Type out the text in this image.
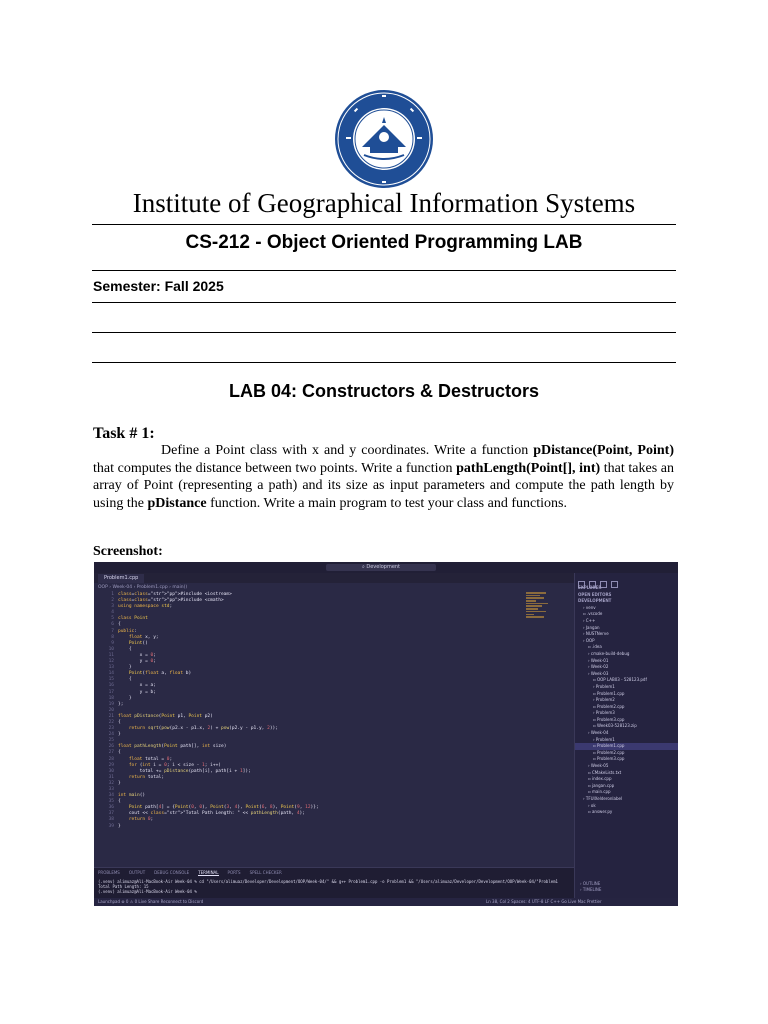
Institute of Geographical Information Systems
CS-212 - Object Oriented Programming LAB
Semester: Fall 2025
LAB 04: Constructors & Destructors
Task # 1:
Define a Point class with x and y coordinates. Write a function pDistance(Point, Point) that computes the distance between two points. Write a function pathLength(Point[], int) that takes an array of Point (representing a path) and its size as input parameters and compute the path length by using the pDistance function. Write a main program to test your class and functions.
Screenshot:
⌕ Development
Problem1.cpp
OOP › Week-04 › Problem1.cpp › main()
1
2
3
4
5
6
7
8
9
10
11
12
13
14
15
16
17
18
19
20
21
22
23
24
25
26
27
28
29
30
31
32
33
34
35
36
37
38
39
class=class="str">"pp">#include <iostream>
class=class="str">"pp">#include <cmath>
using namespace std;

class Point
{
public:
float x, y;
Point()
{
x = 0;
y = 0;
}
Point(float a, float b)
{
x = a;
y = b;
}
};

float pDistance(Point p1, Point p2)
{
return sqrt(pow(p2.x - p1.x, 2) + pow(p2.y - p1.y, 2));
}

float pathLength(Point path[], int size)
{
float total = 0;
for (int i = 0; i < size - 1; i++)
total += pDistance(path[i], path[i + 1]);
return total;
}

int main()
{
Point path[4] = {Point(0, 0), Point(3, 4), Point(6, 8), Point(9, 12)};
cout << class="str">"Total Path Length: " << pathLength(path, 4);
return 0;
}
PROBLEMS OUTPUT DEBUG CONSOLE TERMINAL PORTS SPELL CHECKER
(.venv) alimuaz@Ali-MacBook-Air Week-04 % cd "/Users/alimuaz/Developer/Development/OOP/Week-04/" && g++ Problem1.cpp -o Problem1 && "/Users/alimuaz/Developer/Development/OOP/Week-04/"Problem1
Total Path Length: 15
(.venv) alimuaz@Ali-MacBook-Air Week-04 %
EXPLORER
OPEN EDITORS
DEVELOPMENT
› venv
▫ .vscode
› C++
› Jangan
› NUSTNerve
› OOP
▫ .idea
› cmake-build-debug
› Week-01
› Week-02
› Week-03
▫ OOP LAB03 - 528123.pdf
› Problem1
▫ Problem1.cpp
› Problem2
▫ Problem2.cpp
› Problem3
▫ Problem3.cpp
▫ Week03-528123.zip
› Week-04
› Problem1
▫ Problem1.cpp
▫ Problem2.cpp
▫ Problem3.cpp
› Week-05
▫ CMakeLists.txt
▫ index.cpp
▫ jangan.cpp
▫ main.cpp
› TFUIXelderonlabel
› ok
▫ answer.py
› OUTLINE
› TIMELINE
Launchpad ⊗ 0 ⚠ 0 Live Share Reconnect to Discord	Ln 38, Col 2 Spaces: 4 UTF-8 LF C++ Go Live Mac Prettier
